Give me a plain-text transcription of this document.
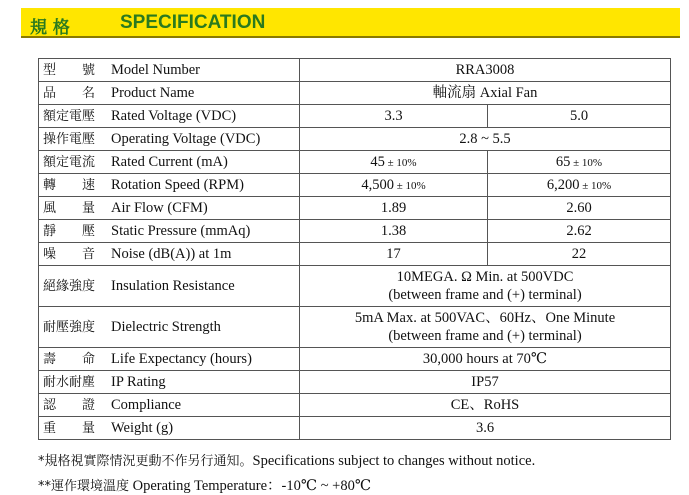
規 格	SPECIFICATION
型　　號 Model Number	RRA3008	
品　　名 Product Name	軸流扇 Axial Fan	
額定電壓 Rated Voltage (VDC)	3.3	5.0
操作電壓 Operating Voltage (VDC)	2.8 ~ 5.5	
額定電流 Rated Current (mA)	45 ± 10%	65 ± 10%
轉　　速 Rotation Speed (RPM)	4,500 ± 10%	6,200 ± 10%
風　　量 Air Flow (CFM)	1.89	2.60
靜　　壓 Static Pressure (mmAq)	1.38	2.62
噪　　音 Noise (dB(A)) at 1m	17	22
絕緣強度 Insulation Resistance	10MEGA. Ω Min. at 500VDC
(between frame and (+) terminal)	

耐壓強度 Dielectric Strength	5mA Max. at 500VAC、60Hz、One Minute
(between frame and (+) terminal)	

壽　　命 Life Expectancy (hours)	30,000 hours at 70℃	
耐水耐塵 IP Rating	IP57	
認　　證 Compliance	CE、RoHS	
重　　量 Weight (g)	3.6	
*規格視實際情況更動不作另行通知。Specifications subject to changes without notice.
**運作環境溫度 Operating Temperature：-10℃ ~ +80℃
